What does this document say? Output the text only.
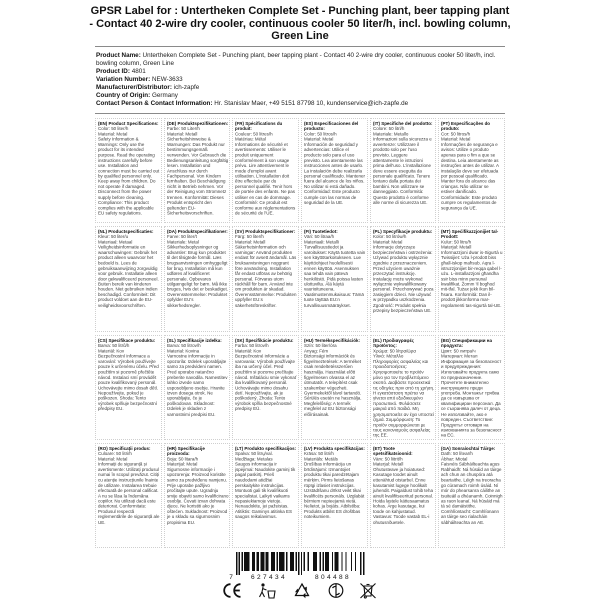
GPSR Label for : Untertheken Complete Set - Punching plant, beer tapping plant - Contact 40 2-wire dry cooler, continuous cooler 50 liter/h, incl. bowling column, Green Line
Product Name: Untertheken Complete Set - Punching plant, beer tapping plant - Contact 40 2-wire dry cooler, continuous cooler 50 liter/h, incl. bowling column, Green Line
Product ID: 4801
Variation Number: NEW-3633
Manufacturer/Distributor: ich-zapfe
Country of Origin: Germany
Contact Person & Contact Information: Hr. Stanislav Maer, +49 5151 87798 10, kundenservice@ich-zapfe.de
(EN) Product Specifications:
Color: 50 liter/h
Material: Metal
Safety Information & Warnings: Only use the product for its intended purpose. Read the operating instructions carefully before use. Installation and connection must be carried out by qualified personnel only. Keep away from children. Do not operate if damaged. Disconnect from the power supply before cleaning. Compliance: This product complies with the applicable EU safety regulations.
(DE) Produktspezifikationen:
Farbe: 50 Liter/h
Material: Metall
Sicherheitshinweise & Warnungen: Das Produkt nur bestimmungsgemäß verwenden. Vor Gebrauch die Bedienungsanleitung sorgfältig lesen. Installation und Anschluss nur durch Fachpersonal. Von Kindern fernhalten. Bei Beschädigung nicht in Betrieb nehmen. Vor der Reinigung vom Stromnetz trennen. Konformität: Dieses Produkt entspricht den geltenden EU-Sicherheitsvorschriften.
(FR) Spécifications du produit:
Couleur: 50 litres/h
Matériau: Métal
Informations de sécurité et avertissements: Utiliser le produit uniquement conformément à son usage prévu. Lire attentivement le mode d'emploi avant utilisation. L'installation doit être effectuée par du personnel qualifié. Tenir hors de portée des enfants. Ne pas utiliser en cas de dommage. Conformité: Ce produit est conforme aux réglementations de sécurité de l'UE.
(ES) Especificaciones del producto:
Color: 50 litros/h
Material: Metal
Información de seguridad y advertencias: Utilice el producto solo para el uso previsto. Lea atentamente las instrucciones antes de usarlo. La instalación debe realizarla personal cualificado. Mantener fuera del alcance de los niños. No utilizar si está dañado. Conformidad: Este producto cumple con las normas de seguridad de la UE.
(IT) Specifiche del prodotto:
Colore: 50 litri/h
Materiale: Metallo
Informazioni sulla sicurezza e avvertenze: Utilizzare il prodotto solo per l'uso previsto. Leggere attentamente le istruzioni prima dell'uso. L'installazione deve essere eseguita da personale qualificato. Tenere lontano dalla portata dei bambini. Non utilizzare se danneggiato. Conformità: Questo prodotto è conforme alle norme di sicurezza UE.
(PT) Especificações do produto:
Cor: 50 litros/h
Material: Metal
Informações de segurança e avisos: Utilize o produto apenas para o fim a que se destina. Leia atentamente as instruções antes de utilizar. A instalação deve ser efetuada por pessoal qualificado. Manter fora do alcance das crianças. Não utilizar se estiver danificado. Conformidade: Este produto cumpre os regulamentos de segurança da UE.
(NL) Productspecificaties:
Kleur: 50 liter/u
Materiaal: Metaal
Veiligheidsinformatie en waarschuwingen: Gebruik het product alleen waarvoor het bedoeld is. Lees de gebruiksaanwijzing zorgvuldig voor gebruik. Installatie alleen door gekwalificeerd personeel. Buiten bereik van kinderen houden. Niet gebruiken indien beschadigd. Conformiteit: Dit product voldoet aan de EU-veiligheidsvoorschriften.
(DA) Produktspecifikationer:
Farve: 50 liter/t
Materiale: Metal
Sikkerhedsoplysninger og advarsler: Brug kun produktet til det tilsigtede formål. Læs brugsanvisningen omhyggeligt før brug. Installation må kun udføres af kvalificeret personale. Opbevares utilgængeligt for børn. Må ikke bruges, hvis det er beskadiget. Overensstemmelse: Produktet opfylder EU's sikkerhedsregler.
(SV) Produktspecifikationer:
Färg: 50 liter/h
Material: Metall
Säkerhetsinformation och varningar: Använd produkten endast för avsett ändamål. Läs bruksanvisningen noggrant före användning. Installation får endast utföras av behörig personal. Förvaras utom räckhåll för barn. Använd inte om produkten är skadad. Överensstämmelse: Produkten uppfyller EU:s säkerhetsföreskrifter.
(FI) Tuotetiedot:
Väri: 50 litraa/h
Materiaali: Metalli
Turvallisuustiedot ja varoitukset: Käytä tuotetta vain sen käyttötarkoitukseen. Lue käyttöohjeet huolellisesti ennen käyttöä. Asennuksen saa tehdä vain pätevä henkilöstö. Pidä poissa lasten ulottuvilta. Älä käytä vaurioituneena. Vaatimustenmukaisuus: Tämä tuote täyttää EU:n turvallisuusmääräykset.
(PL) Specyfikacje produktu:
Kolor: 50 litrów/h
Materiał: Metal
Informacje dotyczące bezpieczeństwa i ostrzeżenia: Używać produktu wyłącznie zgodnie z przeznaczeniem. Przed użyciem uważnie przeczytać instrukcję. Instalację może wykonać wyłącznie wykwalifikowany personel. Przechowywać poza zasięgiem dzieci. Nie używać w przypadku uszkodzenia. Zgodność: Produkt spełnia przepisy bezpieczeństwa UE.
(MT) Speċifikazzjonijiet tal-Prodott:
Kulur: 50 litru/h
Materjal: Metall
Informazzjoni dwar is-Sigurtà u Twissijiet: Uża l-prodott biss għall-iskop maħsub. Aqra l-istruzzjonijiet bir-reqqa qabel l-użu. L-installazzjoni għandha ssir biss minn persunal kwalifikat. Żomm 'il bogħod mit-tfal. Tużax jekk ikun bil-ħsara. Konformità: Dan il-prodott jikkonforma mar-regolamenti tas-sigurtà tal-UE.
(CS) Specifikace produktu:
Barva: 50 litrů/h
Materiál: Kov
Bezpečnostní informace a varování: Výrobek používejte pouze k určenému účelu. Před použitím si pozorně přečtěte návod. Instalaci smí provádět pouze kvalifikovaný personál. Uchovávejte mimo dosah dětí. Nepoužívejte, pokud je poškozen. Shoda: Tento výrobek splňuje bezpečnostní předpisy EU.
(SL) Specifikacije izdelka:
Barva: 50 litrov/h
Material: Kovina
Varnostne informacije in opozorila: Izdelek uporabljajte samo za predvideni namen. Pred uporabo natančno preberite navodila. Namestitev lahko izvede samo usposobljeno osebje. Hranite izven dosega otrok. Ne uporabljajte, če je poškodovan. Skladnost: Izdelek je skladen z varnostnimi predpisi EU.
(SK) Špecifikácie produktu:
Farba: 50 litrov/h
Materiál: Kov
Bezpečnostné informácie a varovania: Výrobok používajte iba na určený účel. Pred použitím si pozorne prečítajte návod. Inštaláciu smie vykonať iba kvalifikovaný personál. Uchovávajte mimo dosahu detí. Nepoužívajte, ak je poškodený. Zhoda: Tento výrobok spĺňa bezpečnostné predpisy EÚ.
(HU) Termékspecifikációk:
Szín: 50 liter/óra
Anyag: Fém
Biztonsági információk és figyelmeztetések: A terméket csak rendeltetésszerűen használja. Használat előtt figyelmesen olvassa el az útmutatót. A telepítést csak szakember végezheti. Gyermekektől távol tartandó. Sérülés esetén ne használja. Megfelelőség: A termék megfelel az EU biztonsági előírásainak.
(EL) Προδιαγραφές προϊόντος:
Χρώμα: 50 λίτρα/ώρα
Υλικό: Μέταλλο
Πληροφορίες ασφαλείας και προειδοποιήσεις: Χρησιμοποιείτε το προϊόν μόνο για τον προβλεπόμενο σκοπό. Διαβάστε προσεκτικά τις οδηγίες πριν από τη χρήση. Η εγκατάσταση πρέπει να γίνεται από εξειδικευμένο προσωπικό. Φυλάσσετε μακριά από παιδιά. Μη χρησιμοποιείτε αν έχει υποστεί ζημιά. Συμμόρφωση: Το προϊόν συμμορφώνεται με τους κανονισμούς ασφαλείας της ΕΕ.
(BG) Спецификации на продукта:
Цвят: 50 литра/ч
Материал: Метал
Информация за безопасност и предупреждения: Използвайте продукта само по предназначение. Прочетете внимателно инструкциите преди употреба. Монтажът трябва да се извършва от квалифициран персонал. Да се съхранява далеч от деца. Не използвайте, ако е повреден. Съответствие: Продуктът отговаря на изискванията за безопасност на ЕС.
(RO) Specificații produs:
Culoare: 50 litri/h
Material: Metal
Informații de siguranță și avertismente: Utilizați produsul numai în scopul prevăzut. Citiți cu atenție instrucțiunile înainte de utilizare. Instalarea trebuie efectuată de personal calificat. A nu se lăsa la îndemâna copiilor. Nu utilizați dacă este deteriorat. Conformitate: Produsul respectă reglementările de siguranță ale UE.
(HR) Specifikacije proizvoda:
Boja: 50 litara/h
Materijal: Metal
Sigurnosne informacije i upozorenja: Proizvod koristite samo za predviđenu namjenu. Prije uporabe pažljivo pročitajte upute. Ugradnju smije obaviti samo kvalificirano osoblje. Čuvati izvan dohvata djece. Ne koristiti ako je oštećen. Sukladnost: Proizvod je u skladu sa sigurnosnim propisima EU.
(LT) Produkto specifikacijos:
Spalva: 50 litrų/val.
Medžiaga: Metalas
Saugos informacija ir įspėjimai: Naudokite gaminį tik pagal paskirtį. Prieš naudodami atidžiai perskaitykite instrukcijas. Montuoti gali tik kvalifikuoti specialistai. Laikyti vaikams nepasiekiamoje vietoje. Nenaudokite, jei pažeistas. Atitiktis: Gaminys atitinka ES saugos reikalavimus.
(LV) Produkta specifikācijas:
Krāsa: 50 litri/h
Materiāls: Metāls
Drošības informācija un brīdinājumi: Izmantojiet produktu tikai paredzētajam mērķim. Pirms lietošanas rūpīgi izlasiet instrukcijas. Uzstādīšanu drīkst veikt tikai kvalificēts personāls. Uzglabāt bērniem nepieejamā vietā. Nelietot, ja bojāts. Atbilstība: Produkts atbilst ES drošības noteikumiem.
(ET) Toote spetsifikatsioonid:
Värv: 50 liitrit/h
Materjal: Metall
Ohutusteave ja hoiatused: Kasutage toodet ainult ettenähtud otstarbel. Enne kasutamist lugege hoolikalt juhendit. Paigaldust tohib teha ainult kvalifitseeritud personal. Hoida lastele kättesaamatus kohas. Ärge kasutage, kui toode on kahjustatud. Vastavus: Toode vastab EL-i ohutusnõuetele.
(GA) Sonraíochtaí Táirge:
Dath: 50 lítear/h
Ábhar: Miotal
Faisnéis Sábháilteachta agus Rabhaidh: Ná húsáid an táirge ach chun an chuspóra atá beartaithe. Léigh na treoracha go cúramach roimh úsáid. Ní mór do phearsanra cáilithe an tsuiteáil a dhéanamh. Coinnigh as raon leanaí. Ná húsáid má tá sé damáistithe. Comhlíontacht: Comhlíonann an táirge seo rialacháin sábháilteachta an AE.
7	627434	804488
